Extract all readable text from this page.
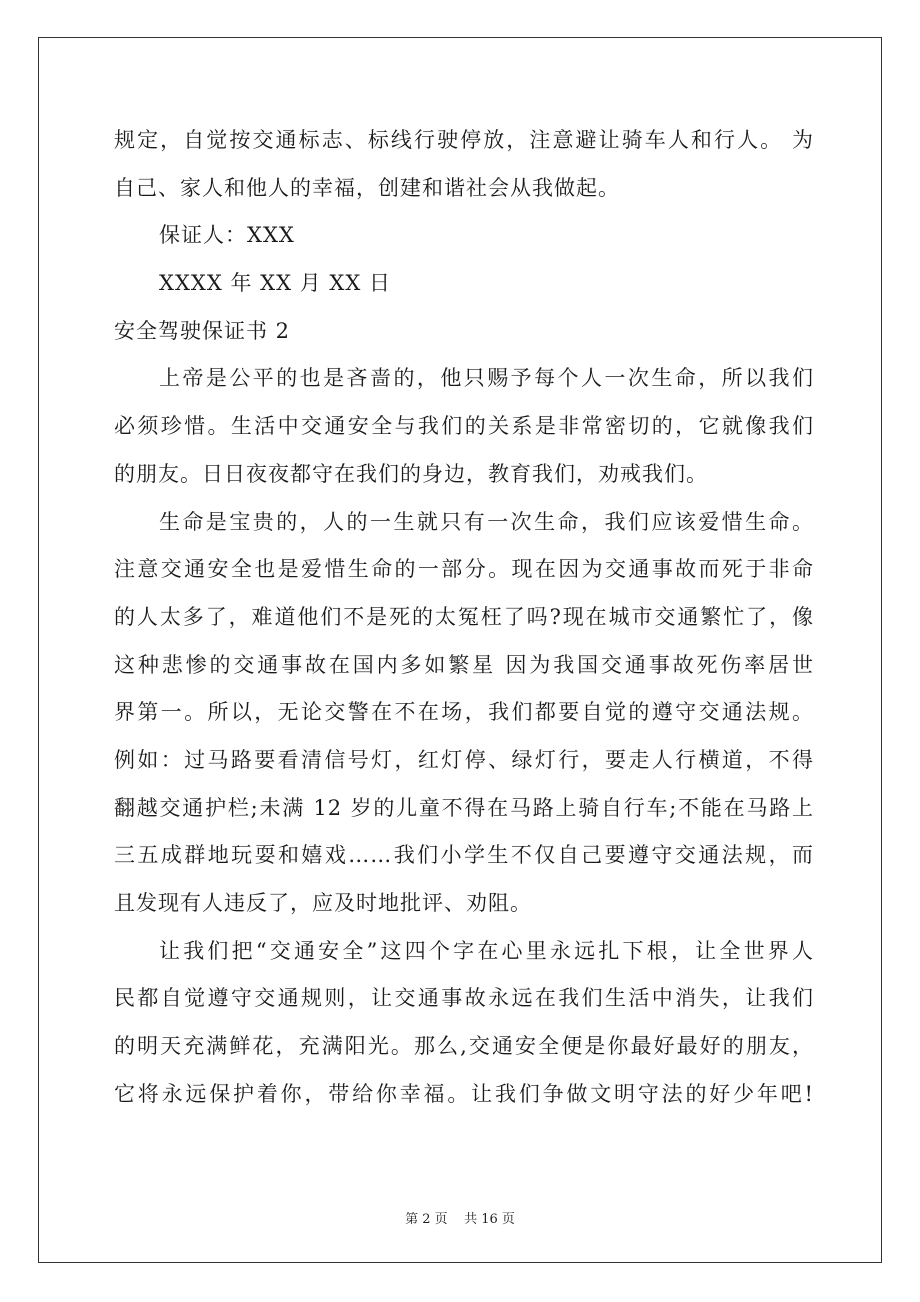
规定，自觉按交通标志、标线行驶停放，注意避让骑车人和行人。 为
自己、家人和他人的幸福，创建和谐社会从我做起。
保证人：XXX
XXXX 年 XX 月 XX 日
安全驾驶保证书 2
上帝是公平的也是吝啬的，他只赐予每个人一次生命，所以我们
必须珍惜。生活中交通安全与我们的关系是非常密切的，它就像我们
的朋友。日日夜夜都守在我们的身边，教育我们，劝戒我们。
生命是宝贵的，人的一生就只有一次生命，我们应该爱惜生命。
注意交通安全也是爱惜生命的一部分。现在因为交通事故而死于非命
的人太多了，难道他们不是死的太冤枉了吗?现在城市交通繁忙了，像
这种悲惨的交通事故在国内多如繁星 因为我国交通事故死伤率居世
界第一。所以，无论交警在不在场，我们都要自觉的遵守交通法规。
例如：过马路要看清信号灯，红灯停、绿灯行，要走人行横道，不得
翻越交通护栏;未满 12 岁的儿童不得在马路上骑自行车;不能在马路上
三五成群地玩耍和嬉戏……我们小学生不仅自己要遵守交通法规，而
且发现有人违反了，应及时地批评、劝阻。
让我们把“交通安全”这四个字在心里永远扎下根，让全世界人
民都自觉遵守交通规则，让交通事故永远在我们生活中消失，让我们
的明天充满鲜花，充满阳光。那么,交通安全便是你最好最好的朋友，
它将永远保护着你，带给你幸福。让我们争做文明守法的好少年吧!
第 2 页    共 16 页
